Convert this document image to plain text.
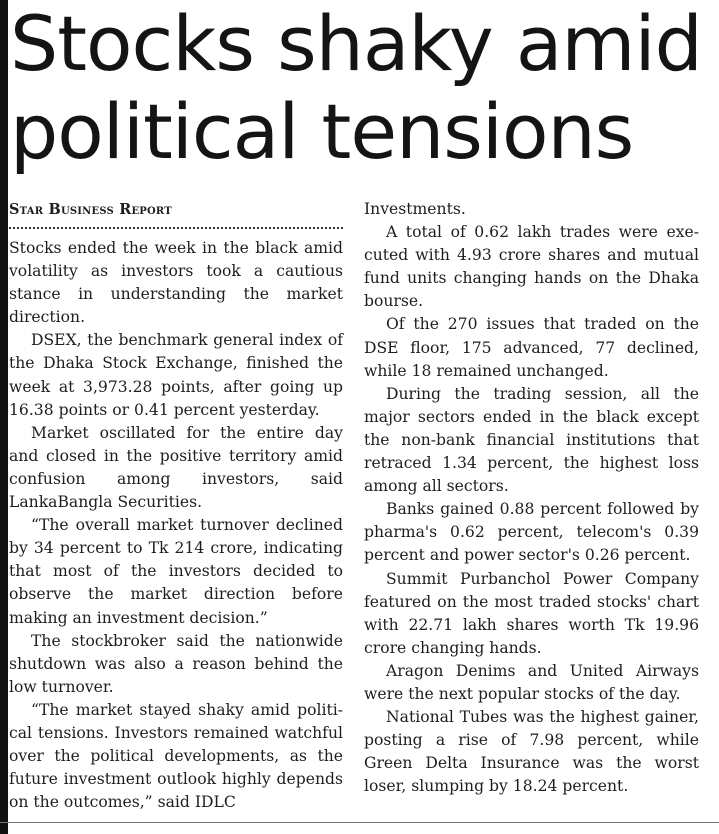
Stocks shaky amid
political tensions
Star Business Report

Stocks ended the week in the black amid volatility as investors took a cautious stance in understanding the market direction.

DSEX, the benchmark general index of the Dhaka Stock Exchange, finished the week at 3,973.28 points, after going up 16.38 points or 0.41 percent yesterday.

Market oscillated for the entire day and closed in the positive territory amid confusion among investors, said LankaBangla Securities.

“The overall market turnover declined by 34 percent to Tk 214 crore, indicating that most of the investors decided to observe the market direction before making an investment decision.”

The stockbroker said the nationwide shutdown was also a reason behind the low turnover.

“The market stayed shaky amid political tensions. Investors remained watchful over the political developments, as the future investment outlook highly depends on the outcomes,” said IDLC

Investments.

A total of 0.62 lakh trades were executed with 4.93 crore shares and mutual fund units changing hands on the Dhaka bourse.

Of the 270 issues that traded on the DSE floor, 175 advanced, 77 declined, while 18 remained unchanged.

During the trading session, all the major sectors ended in the black except the non-bank financial institutions that retraced 1.34 percent, the highest loss among all sectors.

Banks gained 0.88 percent followed by pharma's 0.62 percent, telecom's 0.39 percent and power sector's 0.26 percent.

Summit Purbanchol Power Company featured on the most traded stocks' chart with 22.71 lakh shares worth Tk 19.96 crore changing hands.

Aragon Denims and United Airways were the next popular stocks of the day.

National Tubes was the highest gainer, posting a rise of 7.98 percent, while Green Delta Insurance was the worst loser, slumping by 18.24 percent.
